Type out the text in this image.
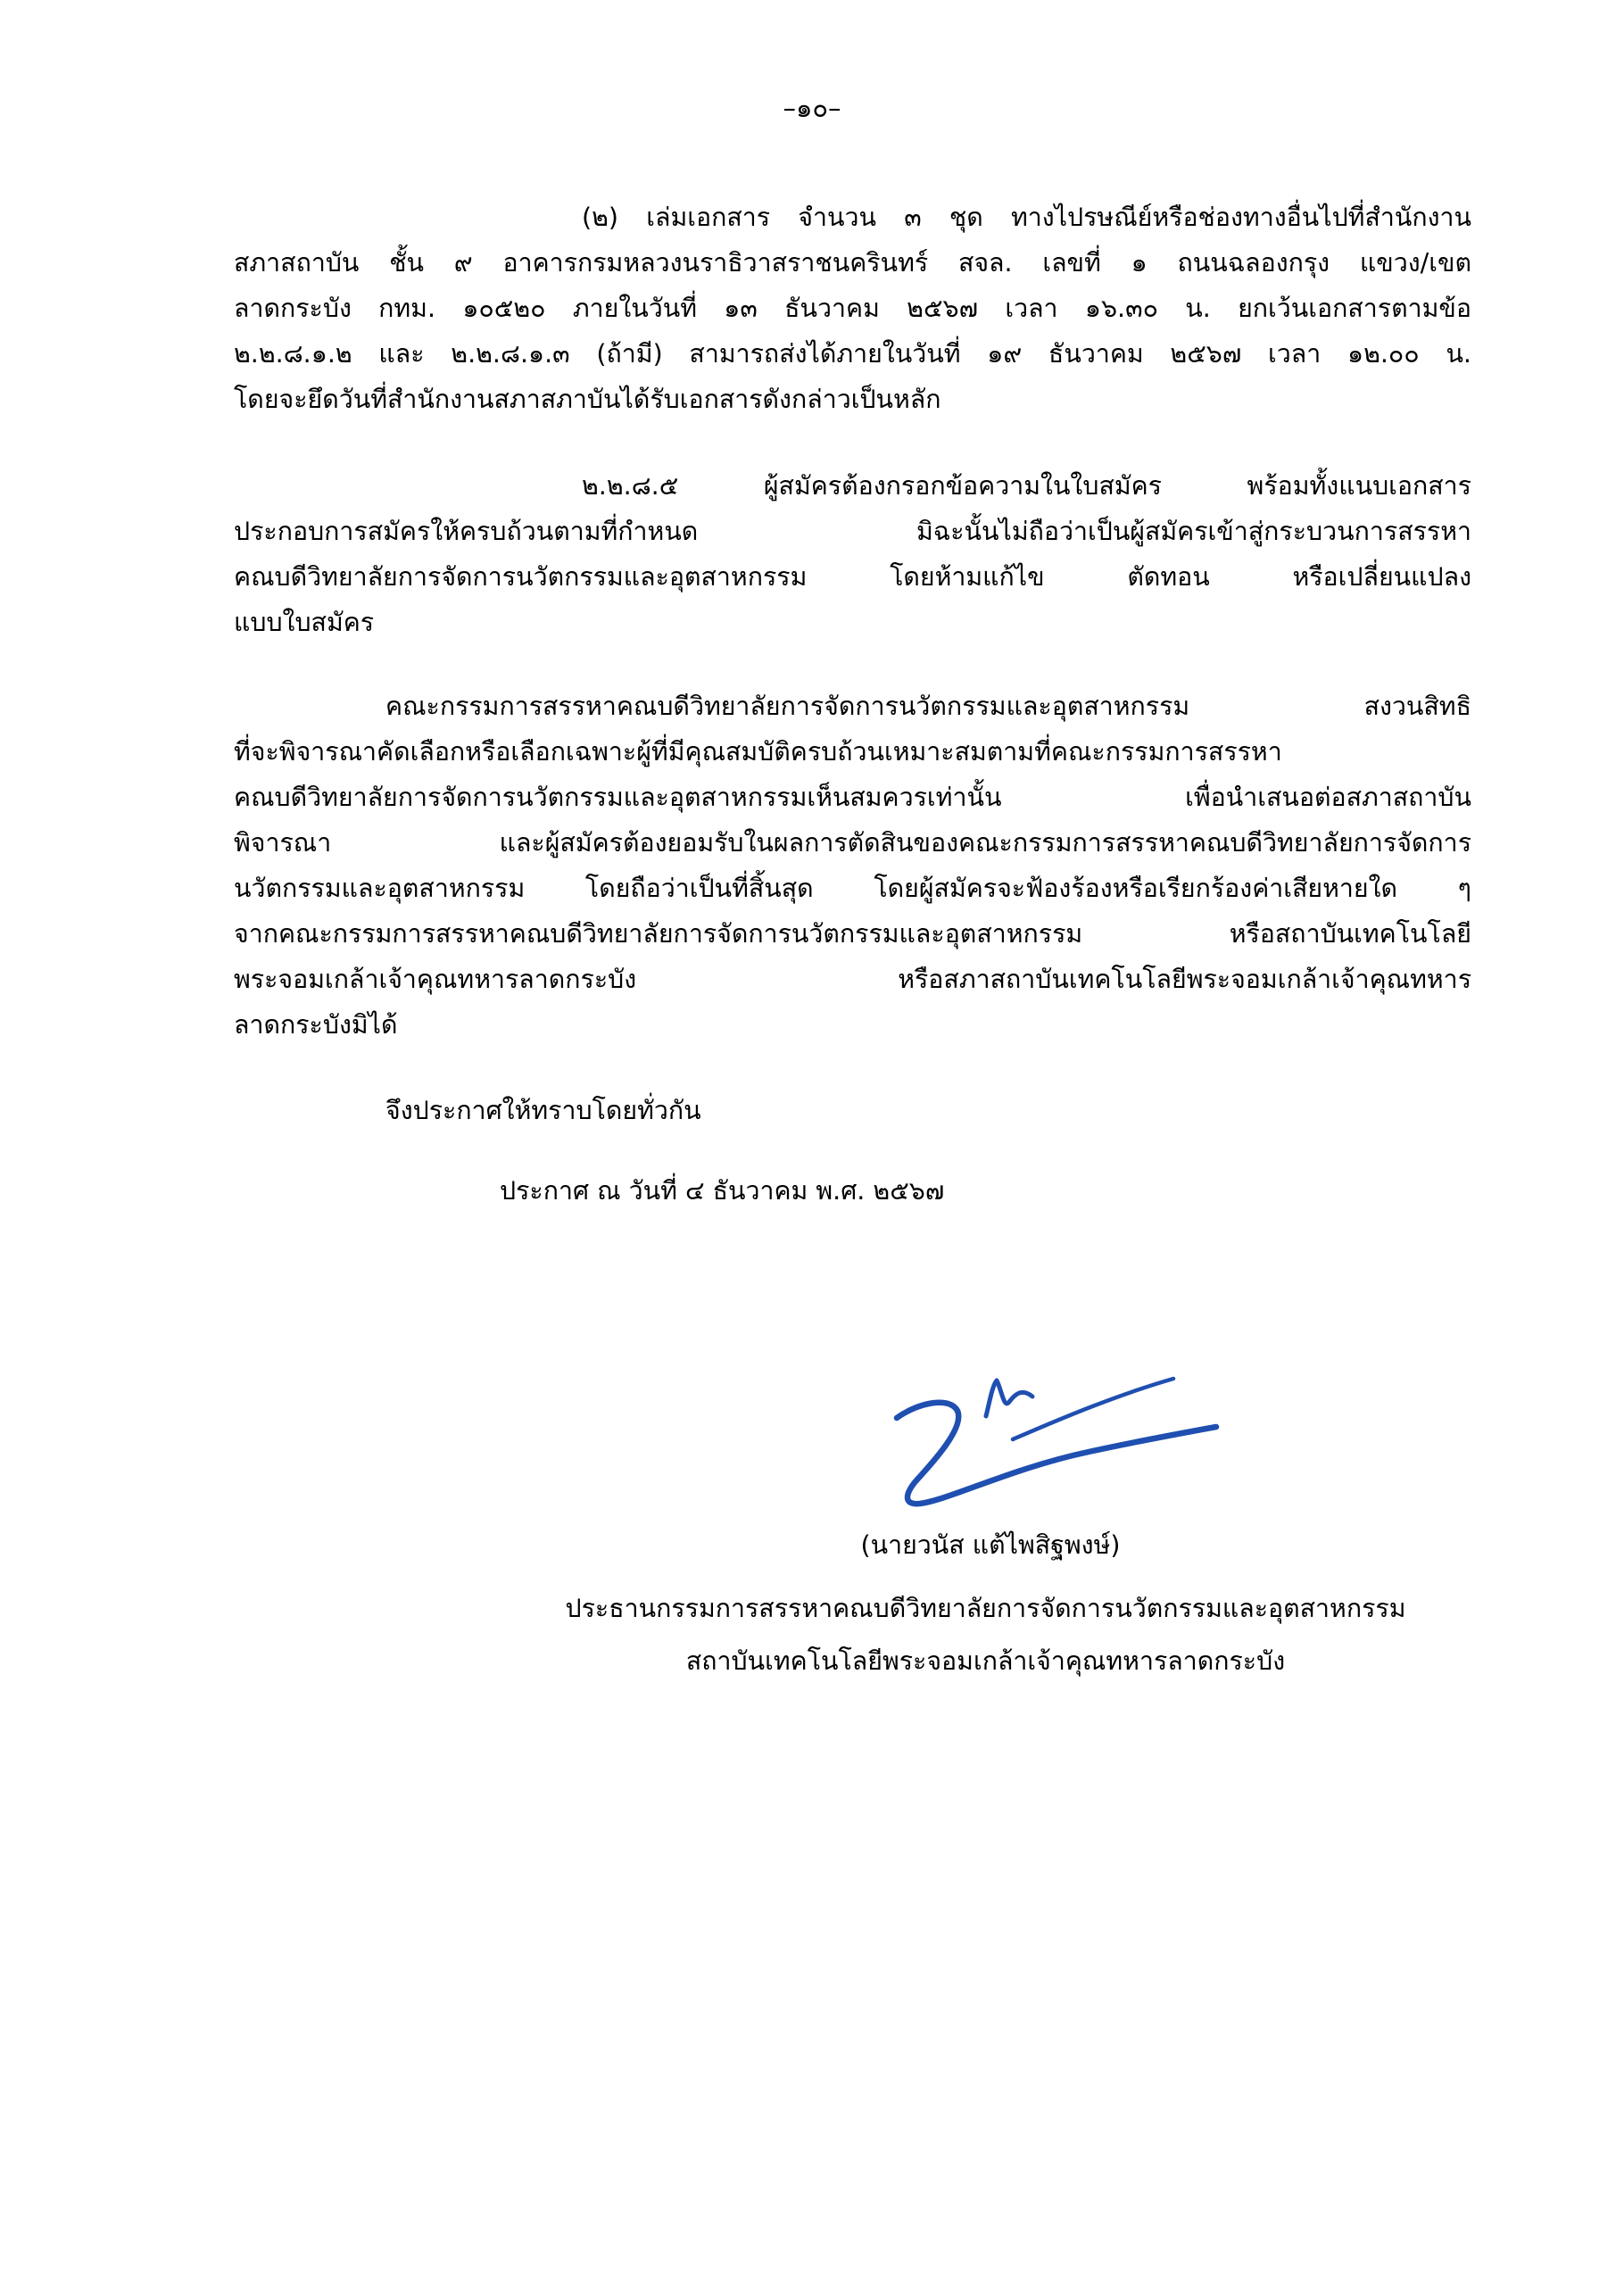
–๑๐–
(๒) เล่มเอกสาร จำนวน ๓ ชุด ทางไปรษณีย์หรือช่องทางอื่นไปที่สำนักงาน
สภาสถาบัน ชั้น ๙ อาคารกรมหลวงนราธิวาสราชนครินทร์ สจล. เลขที่ ๑ ถนนฉลองกรุง แขวง/เขต
ลาดกระบัง กทม. ๑๐๕๒๐ ภายในวันที่ ๑๓ ธันวาคม ๒๕๖๗ เวลา ๑๖.๓๐ น. ยกเว้นเอกสารตามข้อ
๒.๒.๘.๑.๒ และ ๒.๒.๘.๑.๓ (ถ้ามี) สามารถส่งได้ภายในวันที่ ๑๙ ธันวาคม ๒๕๖๗ เวลา ๑๒.๐๐ น.
โดยจะยึดวันที่สำนักงานสภาสภาบันได้รับเอกสารดังกล่าวเป็นหลัก
๒.๒.๘.๕ ผู้สมัครต้องกรอกข้อความในใบสมัคร พร้อมทั้งแนบเอกสาร
ประกอบการสมัครให้ครบถ้วนตามที่กำหนด มิฉะนั้นไม่ถือว่าเป็นผู้สมัครเข้าสู่กระบวนการสรรหา
คณบดีวิทยาลัยการจัดการนวัตกรรมและอุตสาหกรรม โดยห้ามแก้ไข ตัดทอน หรือเปลี่ยนแปลง
แบบใบสมัคร
คณะกรรมการสรรหาคณบดีวิทยาลัยการจัดการนวัตกรรมและอุตสาหกรรม สงวนสิทธิ
ที่จะพิจารณาคัดเลือกหรือเลือกเฉพาะผู้ที่มีคุณสมบัติครบถ้วนเหมาะสมตามที่คณะกรรมการสรรหา
คณบดีวิทยาลัยการจัดการนวัตกรรมและอุตสาหกรรมเห็นสมควรเท่านั้น เพื่อนำเสนอต่อสภาสถาบัน
พิจารณา และผู้สมัครต้องยอมรับในผลการตัดสินของคณะกรรมการสรรหาคณบดีวิทยาลัยการจัดการ
นวัตกรรมและอุตสาหกรรม โดยถือว่าเป็นที่สิ้นสุด โดยผู้สมัครจะฟ้องร้องหรือเรียกร้องค่าเสียหายใด ๆ
จากคณะกรรมการสรรหาคณบดีวิทยาลัยการจัดการนวัตกรรมและอุตสาหกรรม หรือสถาบันเทคโนโลยี
พระจอมเกล้าเจ้าคุณทหารลาดกระบัง หรือสภาสถาบันเทคโนโลยีพระจอมเกล้าเจ้าคุณทหาร
ลาดกระบังมิได้
จึงประกาศให้ทราบโดยทั่วกัน
ประกาศ ณ วันที่ ๔ ธันวาคม พ.ศ. ๒๕๖๗
(นายวนัส แต้ไพสิฐพงษ์)
ประธานกรรมการสรรหาคณบดีวิทยาลัยการจัดการนวัตกรรมและอุตสาหกรรม
สถาบันเทคโนโลยีพระจอมเกล้าเจ้าคุณทหารลาดกระบัง
